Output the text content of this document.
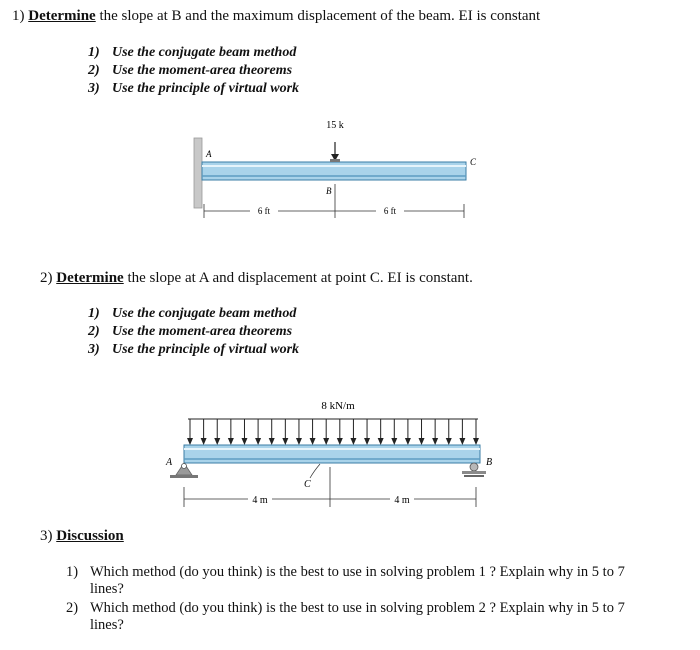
1) Determine the slope at B and the maximum displacement of the beam. EI is constant
1) Use the conjugate beam method
2) Use the moment-area theorems
3) Use the principle of virtual work
15 k
A
B
C
6 ft	6 ft
2) Determine the slope at A and displacement at point C. EI is constant.
1) Use the conjugate beam method
2) Use the moment-area theorems
3) Use the principle of virtual work
8 kN/m
A	B
C
4 m	4 m
3) Discussion
1) Which method (do you think) is the best to use in solving problem 1 ? Explain why in 5 to 7 lines?
2) Which method (do you think) is the best to use in solving problem 2 ? Explain why in 5 to 7 lines?
